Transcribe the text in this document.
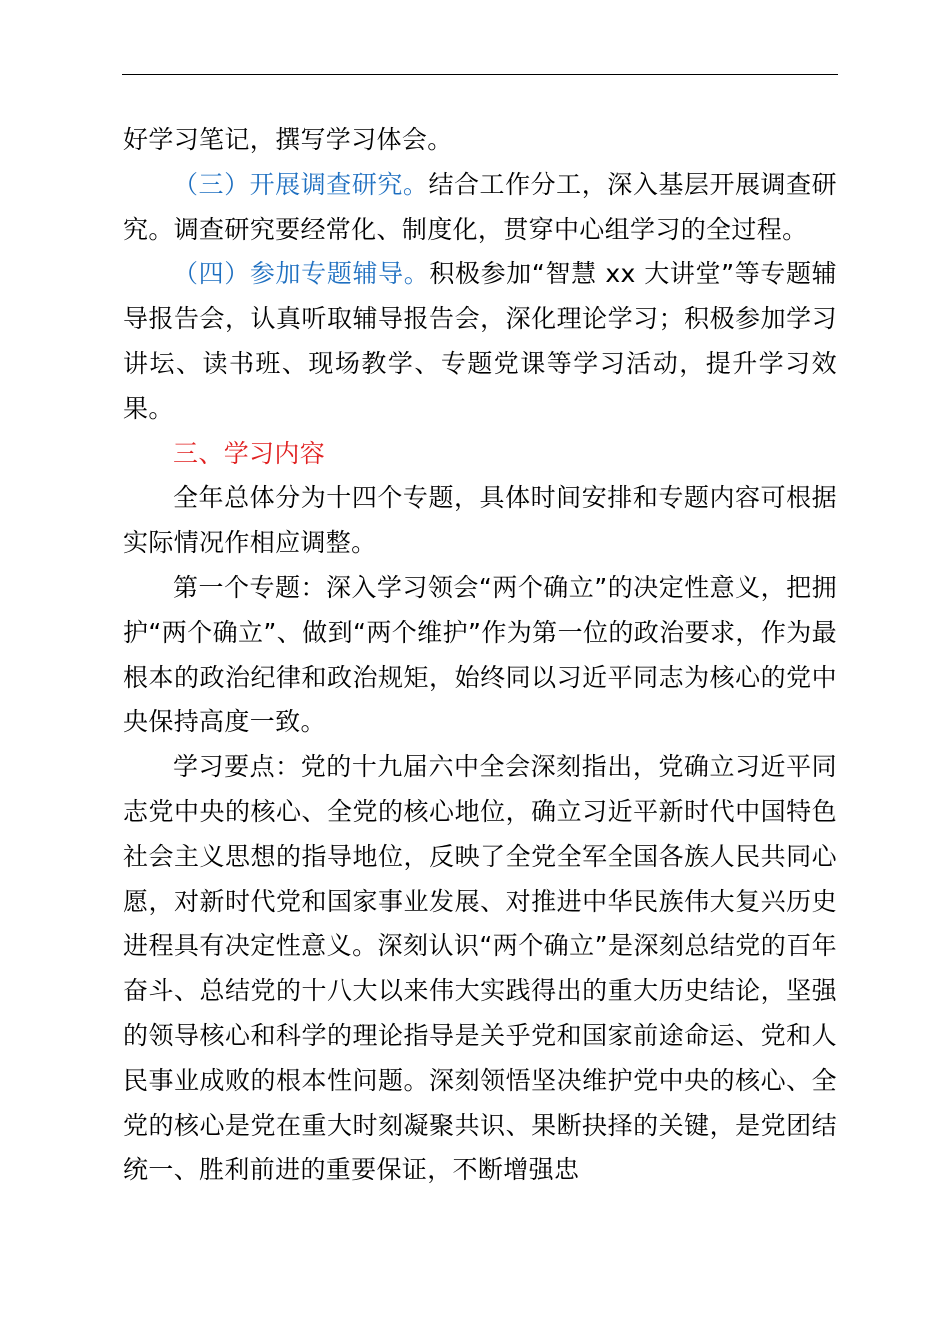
好学习笔记，撰写学习体会。

（三）开展调查研究。结合工作分工，深入基层开展调查研究。调查研究要经常化、制度化，贯穿中心组学习的全过程。

（四）参加专题辅导。积极参加“智慧 xx 大讲堂”等专题辅导报告会，认真听取辅导报告会，深化理论学习；积极参加学习讲坛、读书班、现场教学、专题党课等学习活动，提升学习效果。

三、学习内容

全年总体分为十四个专题，具体时间安排和专题内容可根据实际情况作相应调整。

第一个专题：深入学习领会“两个确立”的决定性意义，把拥护“两个确立”、做到“两个维护”作为第一位的政治要求，作为最根本的政治纪律和政治规矩，始终同以习近平同志为核心的党中央保持高度一致。

学习要点：党的十九届六中全会深刻指出，党确立习近平同志党中央的核心、全党的核心地位，确立习近平新时代中国特色社会主义思想的指导地位，反映了全党全军全国各族人民共同心愿，对新时代党和国家事业发展、对推进中华民族伟大复兴历史进程具有决定性意义。深刻认识“两个确立”是深刻总结党的百年奋斗、总结党的十八大以来伟大实践得出的重大历史结论，坚强的领导核心和科学的理论指导是关乎党和国家前途命运、党和人民事业成败的根本性问题。深刻领悟坚决维护党中央的核心、全党的核心是党在重大时刻凝聚共识、果断抉择的关键，是党团结统一、胜利前进的重要保证，不断增强忠
